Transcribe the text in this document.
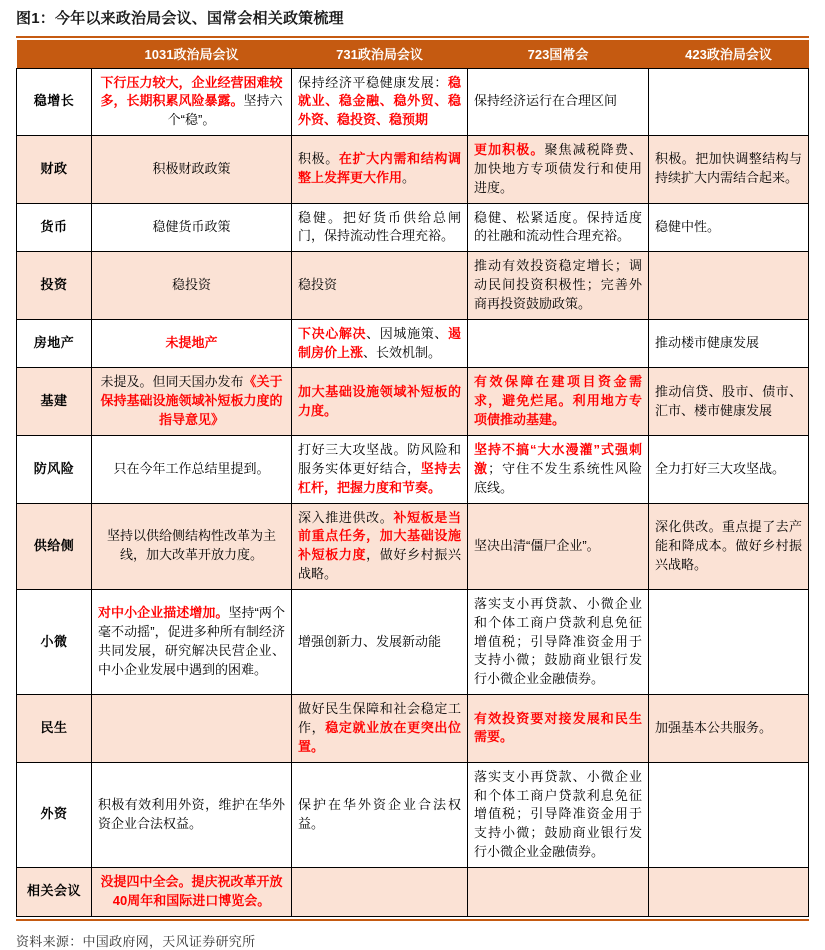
图1：今年以来政治局会议、国常会相关政策梳理
	1031政治局会议	731政治局会议	723国常会	423政治局会议
稳增长	下行压力较大，企业经营困难较多，长期积累风险暴露。坚持六个“稳”。	保持经济平稳健康发展：稳就业、稳金融、稳外贸、稳外资、稳投资、稳预期	保持经济运行在合理区间	
财政	积极财政政策	积极。在扩大内需和结构调整上发挥更大作用。	更加积极。聚焦减税降费、加快地方专项债发行和使用进度。	积极。把加快调整结构与持续扩大内需结合起来。
货币	稳健货币政策	稳健。把好货币供给总闸门，保持流动性合理充裕。	稳健、松紧适度。保持适度的社融和流动性合理充裕。	稳健中性。
投资	稳投资	稳投资	推动有效投资稳定增长；调动民间投资积极性；完善外商再投资鼓励政策。	
房地产	未提地产	下决心解决、因城施策、遏制房价上涨、长效机制。		推动楼市健康发展
基建	未提及。但同天国办发布《关于保持基础设施领域补短板力度的指导意见》	加大基础设施领域补短板的力度。	有效保障在建项目资金需求，避免烂尾。利用地方专项债推动基建。	推动信贷、股市、债市、汇市、楼市健康发展
防风险	只在今年工作总结里提到。	打好三大攻坚战。防风险和服务实体更好结合，坚持去杠杆，把握力度和节奏。	坚持不搞“大水漫灌”式强刺激；守住不发生系统性风险底线。	全力打好三大攻坚战。
供给侧	坚持以供给侧结构性改革为主线，加大改革开放力度。	深入推进供改。补短板是当前重点任务，加大基础设施补短板力度，做好乡村振兴战略。	坚决出清“僵尸企业”。	深化供改。重点提了去产能和降成本。做好乡村振兴战略。
小微	对中小企业描述增加。坚持“两个毫不动摇”，促进多种所有制经济共同发展，研究解决民营企业、中小企业发展中遇到的困难。	增强创新力、发展新动能	落实支小再贷款、小微企业和个体工商户贷款利息免征增值税；引导降准资金用于支持小微；鼓励商业银行发行小微企业金融债券。	
民生		做好民生保障和社会稳定工作，稳定就业放在更突出位置。	有效投资要对接发展和民生需要。	加强基本公共服务。
外资	积极有效利用外资，维护在华外资企业合法权益。	保护在华外资企业合法权益。	落实支小再贷款、小微企业和个体工商户贷款利息免征增值税；引导降准资金用于支持小微；鼓励商业银行发行小微企业金融债券。	
相关会议	没提四中全会。提庆祝改革开放40周年和国际进口博览会。			
资料来源：中国政府网，天风证券研究所
